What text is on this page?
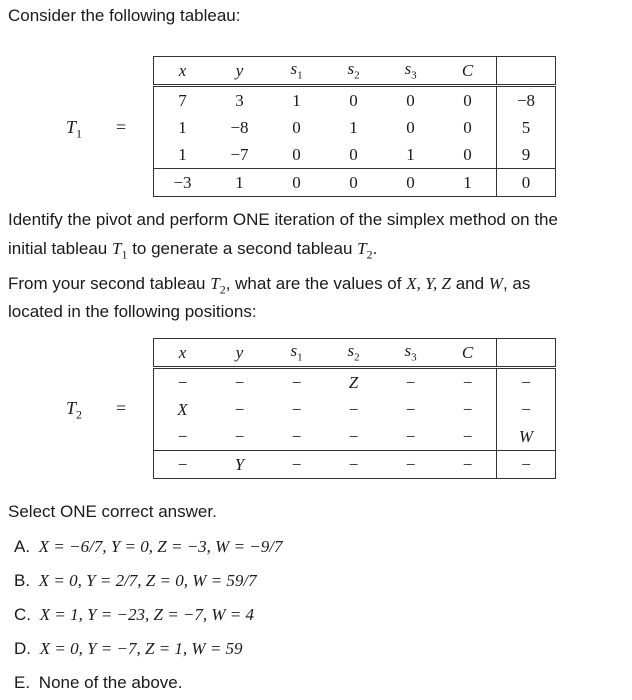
Consider the following tableau:
$T_1$ =
x	y	$s_1$	$s_2$	$s_3$	C	
7	3	1	0	0	0	−8
1	−8	0	1	0	0	5
1	−7	0	0	1	0	9
−3	1	0	0	0	1	0
Identify the pivot and perform ONE iteration of the simplex method on the
initial tableau $T_1$ to generate a second tableau $T_2$.
From your second tableau $T_2$, what are the values of X, Y, Z and W, as
located in the following positions:
$T_2$ =
x	y	$s_1$	$s_2$	$s_3$	C	
−	−	−	Z	−	−	−
X	−	−	−	−	−	−
−	−	−	−	−	−	W
−	Y	−	−	−	−	−
Select ONE correct answer.
A. X = −6/7, Y = 0, Z = −3, W = −9/7
B. X = 0, Y = 2/7, Z = 0, W = 59/7
C. X = 1, Y = −23, Z = −7, W = 4
D. X = 0, Y = −7, Z = 1, W = 59
E. None of the above.
